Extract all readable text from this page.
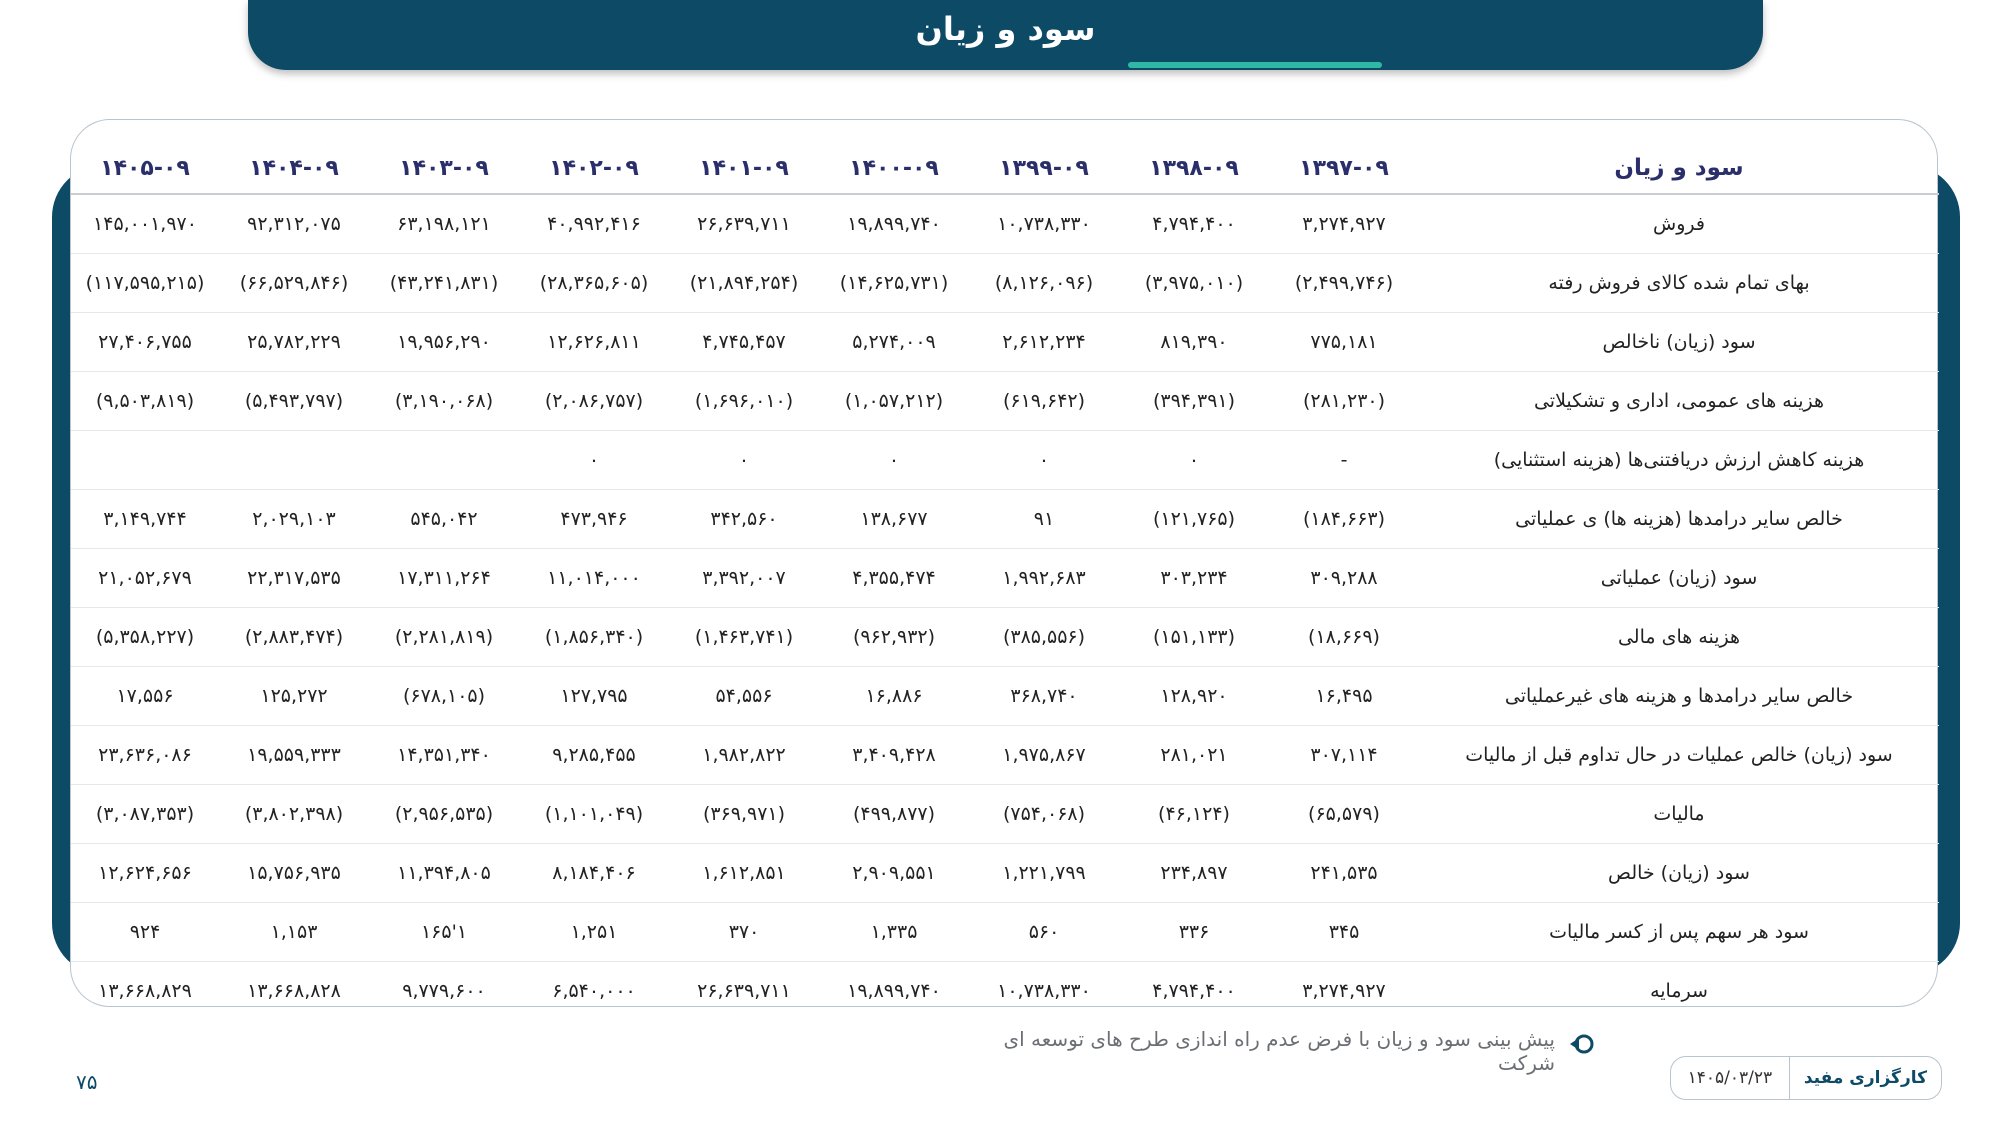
سود و زیان
سود و زیان	۱۳۹۷-۰۹	۱۳۹۸-۰۹	۱۳۹۹-۰۹	۱۴۰۰-۰۹	۱۴۰۱-۰۹	۱۴۰۲-۰۹	۱۴۰۳-۰۹	۱۴۰۴-۰۹	۱۴۰۵-۰۹
فروش	۳,۲۷۴,۹۲۷	۴,۷۹۴,۴۰۰	۱۰,۷۳۸,۳۳۰	۱۹,۸۹۹,۷۴۰	۲۶,۶۳۹,۷۱۱	۴۰,۹۹۲,۴۱۶	۶۳,۱۹۸,۱۲۱	۹۲,۳۱۲,۰۷۵	۱۴۵,۰۰۱,۹۷۰
بهای تمام شده کالای فروش رفته	(۲,۴۹۹,۷۴۶)	(۳,۹۷۵,۰۱۰)	(۸,۱۲۶,۰۹۶)	(۱۴,۶۲۵,۷۳۱)	(۲۱,۸۹۴,۲۵۴)	(۲۸,۳۶۵,۶۰۵)	(۴۳,۲۴۱,۸۳۱)	(۶۶,۵۲۹,۸۴۶)	(۱۱۷,۵۹۵,۲۱۵)
سود (زیان) ناخالص	۷۷۵,۱۸۱	۸۱۹,۳۹۰	۲,۶۱۲,۲۳۴	۵,۲۷۴,۰۰۹	۴,۷۴۵,۴۵۷	۱۲,۶۲۶,۸۱۱	۱۹,۹۵۶,۲۹۰	۲۵,۷۸۲,۲۲۹	۲۷,۴۰۶,۷۵۵
هزینه های عمومی، اداری و تشکیلاتی	(۲۸۱,۲۳۰)	(۳۹۴,۳۹۱)	(۶۱۹,۶۴۲)	(۱,۰۵۷,۲۱۲)	(۱,۶۹۶,۰۱۰)	(۲,۰۸۶,۷۵۷)	(۳,۱۹۰,۰۶۸)	(۵,۴۹۳,۷۹۷)	(۹,۵۰۳,۸۱۹)
هزینه کاهش ارزش دریافتنی‌ها (هزینه استثنایی)	-	۰	۰	۰	۰	۰			
خالص سایر درامدها (هزینه ها) ی عملیاتی	(۱۸۴,۶۶۳)	(۱۲۱,۷۶۵)	۹۱	۱۳۸,۶۷۷	۳۴۲,۵۶۰	۴۷۳,۹۴۶	۵۴۵,۰۴۲	۲,۰۲۹,۱۰۳	۳,۱۴۹,۷۴۴
سود (زیان) عملیاتی	۳۰۹,۲۸۸	۳۰۳,۲۳۴	۱,۹۹۲,۶۸۳	۴,۳۵۵,۴۷۴	۳,۳۹۲,۰۰۷	۱۱,۰۱۴,۰۰۰	۱۷,۳۱۱,۲۶۴	۲۲,۳۱۷,۵۳۵	۲۱,۰۵۲,۶۷۹
هزینه های مالی	(۱۸,۶۶۹)	(۱۵۱,۱۳۳)	(۳۸۵,۵۵۶)	(۹۶۲,۹۳۲)	(۱,۴۶۳,۷۴۱)	(۱,۸۵۶,۳۴۰)	(۲,۲۸۱,۸۱۹)	(۲,۸۸۳,۴۷۴)	(۵,۳۵۸,۲۲۷)
خالص سایر درامدها و هزینه های غیرعملیاتی	۱۶,۴۹۵	۱۲۸,۹۲۰	۳۶۸,۷۴۰	۱۶,۸۸۶	۵۴,۵۵۶	۱۲۷,۷۹۵	(۶۷۸,۱۰۵)	۱۲۵,۲۷۲	۱۷,۵۵۶
سود (زیان) خالص عملیات در حال تداوم قبل از مالیات	۳۰۷,۱۱۴	۲۸۱,۰۲۱	۱,۹۷۵,۸۶۷	۳,۴۰۹,۴۲۸	۱,۹۸۲,۸۲۲	۹,۲۸۵,۴۵۵	۱۴,۳۵۱,۳۴۰	۱۹,۵۵۹,۳۳۳	۲۳,۶۳۶,۰۸۶
مالیات	(۶۵,۵۷۹)	(۴۶,۱۲۴)	(۷۵۴,۰۶۸)	(۴۹۹,۸۷۷)	(۳۶۹,۹۷۱)	(۱,۱۰۱,۰۴۹)	(۲,۹۵۶,۵۳۵)	(۳,۸۰۲,۳۹۸)	(۳,۰۸۷,۳۵۳)
سود (زیان) خالص	۲۴۱,۵۳۵	۲۳۴,۸۹۷	۱,۲۲۱,۷۹۹	۲,۹۰۹,۵۵۱	۱,۶۱۲,۸۵۱	۸,۱۸۴,۴۰۶	۱۱,۳۹۴,۸۰۵	۱۵,۷۵۶,۹۳۵	۱۲,۶۲۴,۶۵۶
سود هر سهم پس از کسر مالیات	۳۴۵	۳۳۶	۵۶۰	۱,۳۳۵	۳۷۰	۱,۲۵۱	۱'۱۶۵	۱,۱۵۳	۹۲۴
سرمایه	۳,۲۷۴,۹۲۷	۴,۷۹۴,۴۰۰	۱۰,۷۳۸,۳۳۰	۱۹,۸۹۹,۷۴۰	۲۶,۶۳۹,۷۱۱	۶,۵۴۰,۰۰۰	۹,۷۷۹,۶۰۰	۱۳,۶۶۸,۸۲۸	۱۳,۶۶۸,۸۲۹
پیش بینی سود و زیان با فرض عدم راه اندازی طرح های توسعه ای شرکت
۷۵	کارگزاری مفید
۱۴۰۵/۰۳/۲۳
